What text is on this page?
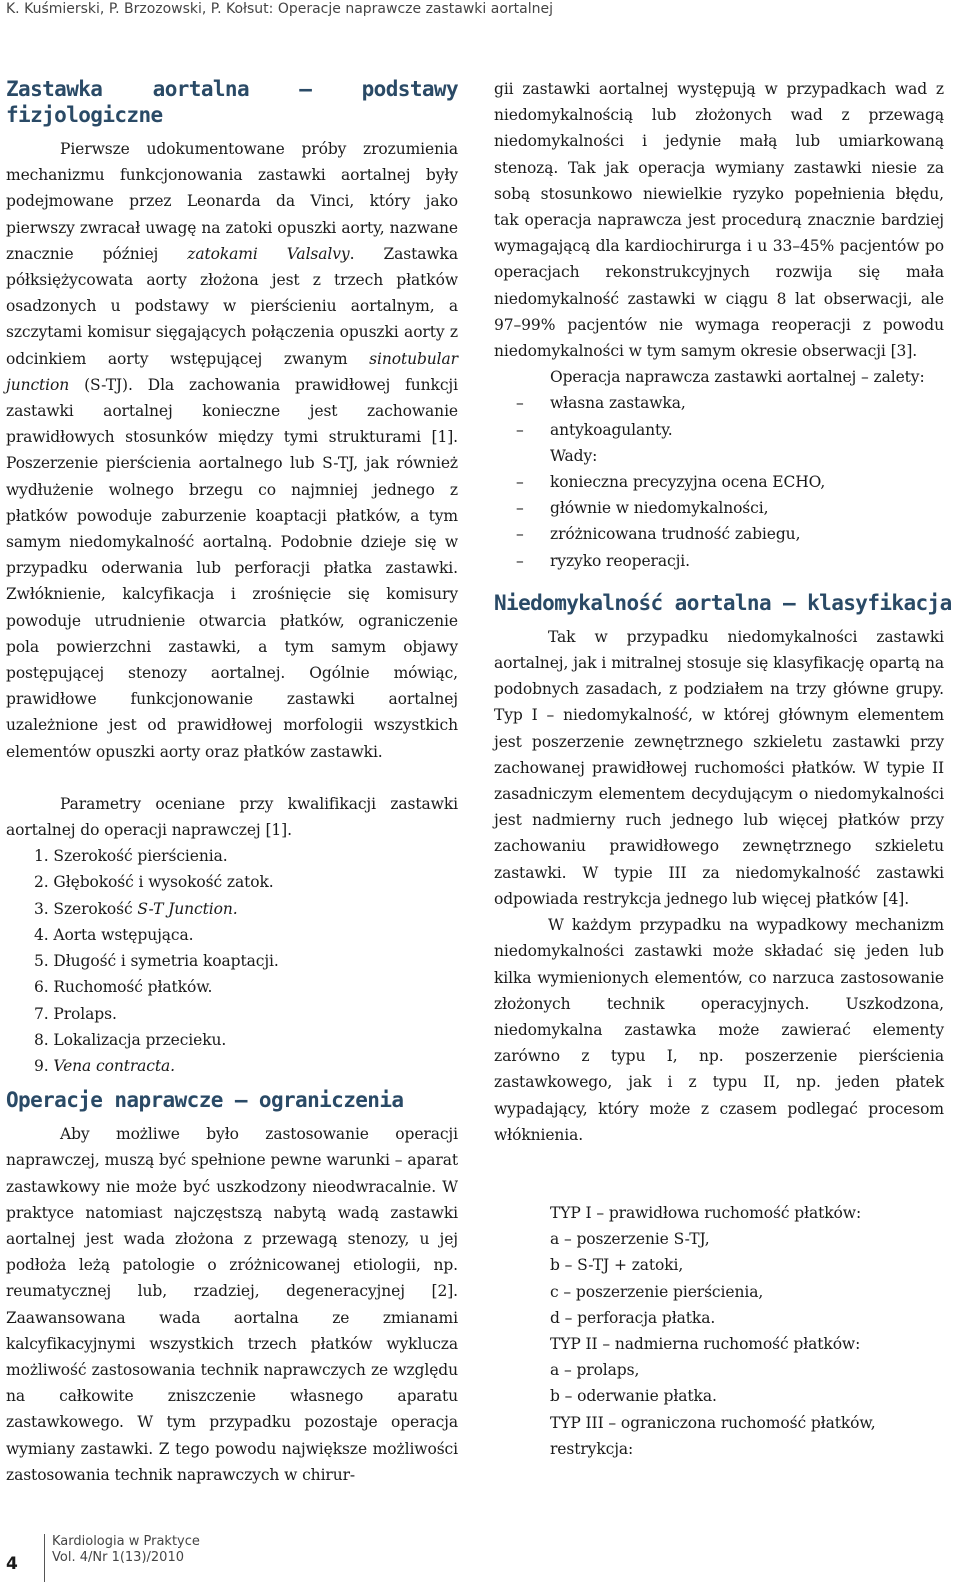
K. Kuśmierski, P. Brzozowski, P. Kołsut: Operacje naprawcze zastawki aortalnej
Zastawka aortalna – podstawy fizjologiczne

Pierwsze udokumentowane próby zrozumienia mechanizmu funkcjonowania zastawki aortalnej były podejmowane przez Leonarda da Vinci, który jako pierwszy zwracał uwagę na zatoki opuszki aorty, nazwane znacznie później zatokami Valsalvy. Zastawka półksiężycowata aorty złożona jest z trzech płatków osadzonych u podstawy w pierścieniu aortalnym, a szczytami komisur sięgających połączenia opuszki aorty z odcinkiem aorty wstępującej zwanym sinotubular junction (S-TJ). Dla zachowania prawidłowej funkcji zastawki aortalnej konieczne jest zachowanie prawidłowych stosunków między tymi strukturami [1]. Poszerzenie pierścienia aortalnego lub S-TJ, jak również wydłużenie wolnego brzegu co najmniej jednego z płatków powoduje zaburzenie koaptacji płatków, a tym samym niedomykalność aortalną. Podobnie dzieje się w przypadku oderwania lub perforacji płatka zastawki. Zwłóknienie, kalcyfikacja i zrośnięcie się komisury powoduje utrudnienie otwarcia płatków, ograniczenie pola powierzchni zastawki, a tym samym objawy postępującej stenozy aortalnej. Ogólnie mówiąc, prawidłowe funkcjonowanie zastawki aortalnej uzależnione jest od prawidłowej morfologii wszystkich elementów opuszki aorty oraz płatków zastawki.

Parametry oceniane przy kwalifikacji zastawki aortalnej do operacji naprawczej [1].

1. Szerokość pierścienia.
2. Głębokość i wysokość zatok.
3. Szerokość S-T Junction.
4. Aorta wstępująca.
5. Długość i symetria koaptacji.
6. Ruchomość płatków.
7. Prolaps.
8. Lokalizacja przecieku.
9. Vena contracta.
Operacje naprawcze – ograniczenia

Aby możliwe było zastosowanie operacji naprawczej, muszą być spełnione pewne warunki – aparat zastawkowy nie może być uszkodzony nieodwracalnie. W praktyce natomiast najczęstszą nabytą wadą zastawki aortalnej jest wada złożona z przewagą stenozy, u jej podłoża leżą patologie o zróżnicowanej etiologii, np. reumatycznej lub, rzadziej, degeneracyjnej [2]. Zaawansowana wada aortalna ze zmianami kalcyfikacyjnymi wszystkich trzech płatków wyklucza możliwość zastosowania technik naprawczych ze względu na całkowite zniszczenie własnego aparatu zastawkowego. W tym przypadku pozostaje operacja wymiany zastawki. Z tego powodu największe możliwości zastosowania technik naprawczych w chirur-

gii zastawki aortalnej występują w przypadkach wad z niedomykalnością lub złożonych wad z przewagą niedomykalności i jedynie małą lub umiarkowaną stenozą. Tak jak operacja wymiany zastawki niesie za sobą stosunkowo niewielkie ryzyko popełnienia błędu, tak operacja naprawcza jest procedurą znacznie bardziej wymagającą dla kardiochirurga i u 33–45% pacjentów po operacjach rekonstrukcyjnych rozwija się mała niedomykalność zastawki w ciągu 8 lat obserwacji, ale 97–99% pacjentów nie wymaga reoperacji z powodu niedomykalności w tym samym okresie obserwacji [3].

Operacja naprawcza zastawki aortalnej – zalety:

– własna zastawka,
– antykoagulanty.

Wady:

– konieczna precyzyjna ocena ECHO,
– głównie w niedomykalności,
– zróżnicowana trudność zabiegu,
– ryzyko reoperacji.
Niedomykalność aortalna – klasyfikacja

Tak w przypadku niedomykalności zastawki aortalnej, jak i mitralnej stosuje się klasyfikację opartą na podobnych zasadach, z podziałem na trzy główne grupy. Typ I – niedomykalność, w której głównym elementem jest poszerzenie zewnętrznego szkieletu zastawki przy zachowanej prawidłowej ruchomości płatków. W typie II zasadniczym elementem decydującym o niedomykalności jest nadmierny ruch jednego lub więcej płatków przy zachowaniu prawidłowego zewnętrznego szkieletu zastawki. W typie III za niedomykalność zastawki odpowiada restrykcja jednego lub więcej płatków [4].

W każdym przypadku na wypadkowy mechanizm niedomykalności zastawki może składać się jeden lub kilka wymienionych elementów, co narzuca zastosowanie złożonych technik operacyjnych. Uszkodzona, niedomykalna zastawka może zawierać elementy zarówno z typu I, np. poszerzenie pierścienia zastawkowego, jak i z typu II, np. jeden płatek wypadający, który może z czasem podlegać procesom włóknienia.

TYP I – prawidłowa ruchomość płatków:
a – poszerzenie S-TJ,
b – S-TJ + zatoki,
c – poszerzenie pierścienia,
d – perforacja płatka.
TYP II – nadmierna ruchomość płatków:
a – prolaps,
b – oderwanie płatka.
TYP III – ograniczona ruchomość płatków, restrykcja:
4
Kardiologia w Praktyce
Vol. 4/Nr 1(13)/2010
